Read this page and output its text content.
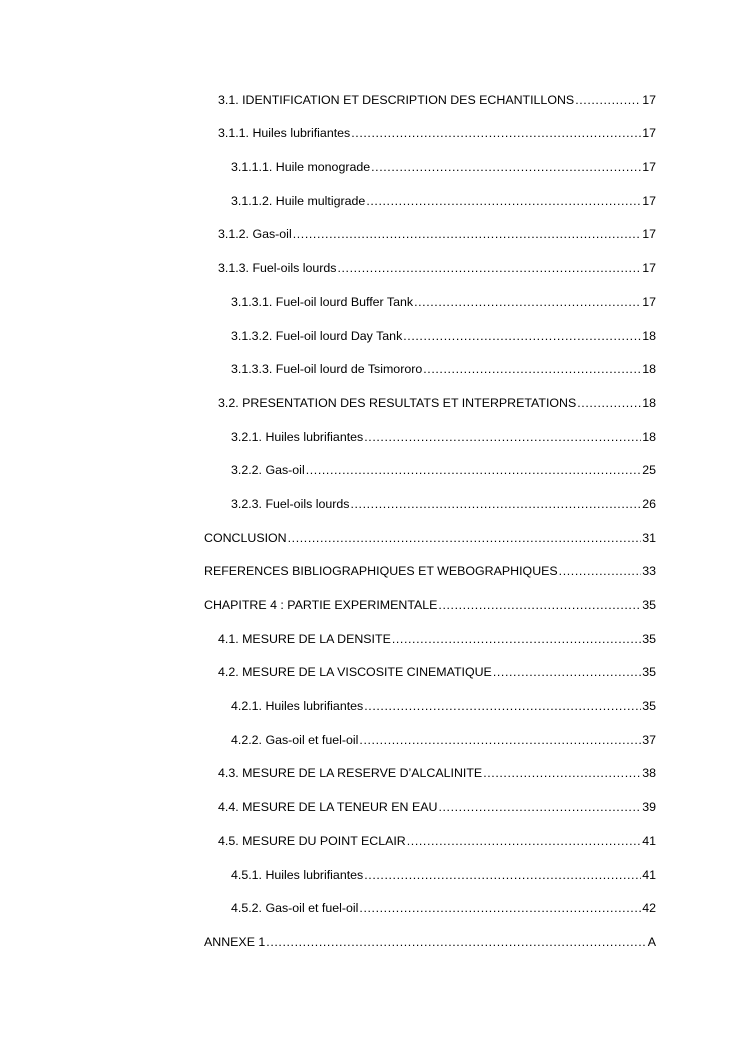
3.1. IDENTIFICATION ET DESCRIPTION DES ECHANTILLONS .....	17
3.1.1. Huiles lubrifiantes .....	17
3.1.1.1. Huile monograde .....	17
3.1.1.2. Huile multigrade .....	17
3.1.2. Gas-oil .....	17
3.1.3. Fuel-oils lourds .....	17
3.1.3.1. Fuel-oil lourd Buffer Tank .....	17
3.1.3.2. Fuel-oil lourd Day Tank .....	18
3.1.3.3. Fuel-oil lourd de Tsimororo .....	18
3.2. PRESENTATION DES RESULTATS ET INTERPRETATIONS .....	18
3.2.1. Huiles lubrifiantes .....	18
3.2.2. Gas-oil .....	25
3.2.3. Fuel-oils lourds .....	26
CONCLUSION .....	31
REFERENCES BIBLIOGRAPHIQUES ET WEBOGRAPHIQUES .....	33
CHAPITRE 4 : PARTIE EXPERIMENTALE .....	35
4.1. MESURE DE LA DENSITE .....	35
4.2. MESURE DE LA VISCOSITE CINEMATIQUE .....	35
4.2.1. Huiles lubrifiantes .....	35
4.2.2. Gas-oil et fuel-oil .....	37
4.3. MESURE DE LA RESERVE D’ALCALINITE .....	38
4.4. MESURE DE LA TENEUR EN EAU .....	39
4.5. MESURE DU POINT ECLAIR .....	41
4.5.1. Huiles lubrifiantes .....	41
4.5.2. Gas-oil et fuel-oil .....	42
ANNEXE 1 .....	A
